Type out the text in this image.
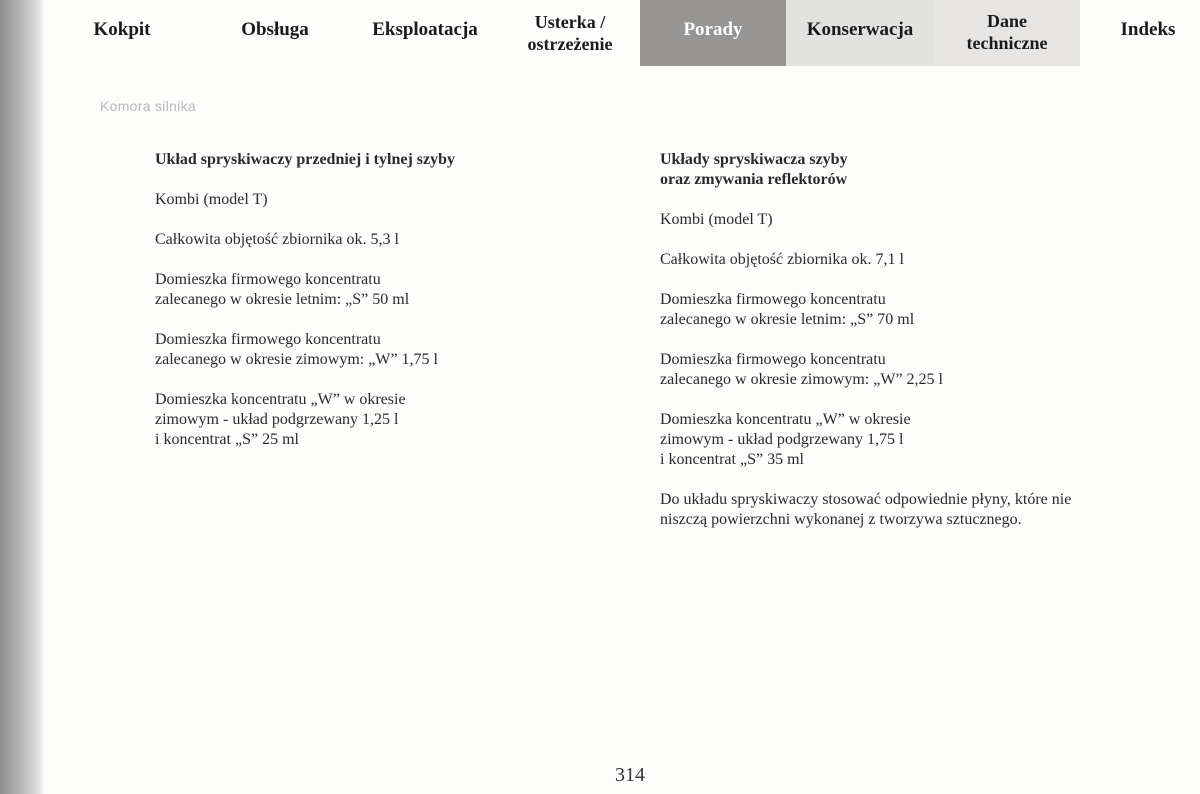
Kokpit	Obsługa	Eksploatacja	Usterka /
ostrzeżenie
Porady	Konserwacja	Dane
techniczne
Indeks
Komora silnika

Układ spryskiwaczy przedniej i tylnej szyby

Kombi (model T)

Całkowita objętość zbiornika ok. 5,3 l

Domieszka firmowego koncentratu
zalecanego w okresie letnim: „S” 50 ml

Domieszka firmowego koncentratu
zalecanego w okresie zimowym: „W” 1,75 l

Domieszka koncentratu „W” w okresie
zimowym - układ podgrzewany 1,25 l
i koncentrat „S” 25 ml

Układy spryskiwacza szyby
oraz zmywania reflektorów

Kombi (model T)

Całkowita objętość zbiornika ok. 7,1 l

Domieszka firmowego koncentratu
zalecanego w okresie letnim: „S” 70 ml

Domieszka firmowego koncentratu
zalecanego w okresie zimowym: „W” 2,25 l

Domieszka koncentratu „W” w okresie
zimowym - układ podgrzewany 1,75 l
i koncentrat „S” 35 ml

Do układu spryskiwaczy stosować odpowiednie płyny, które nie
niszczą powierzchni wykonanej z tworzywa sztucznego.

314
